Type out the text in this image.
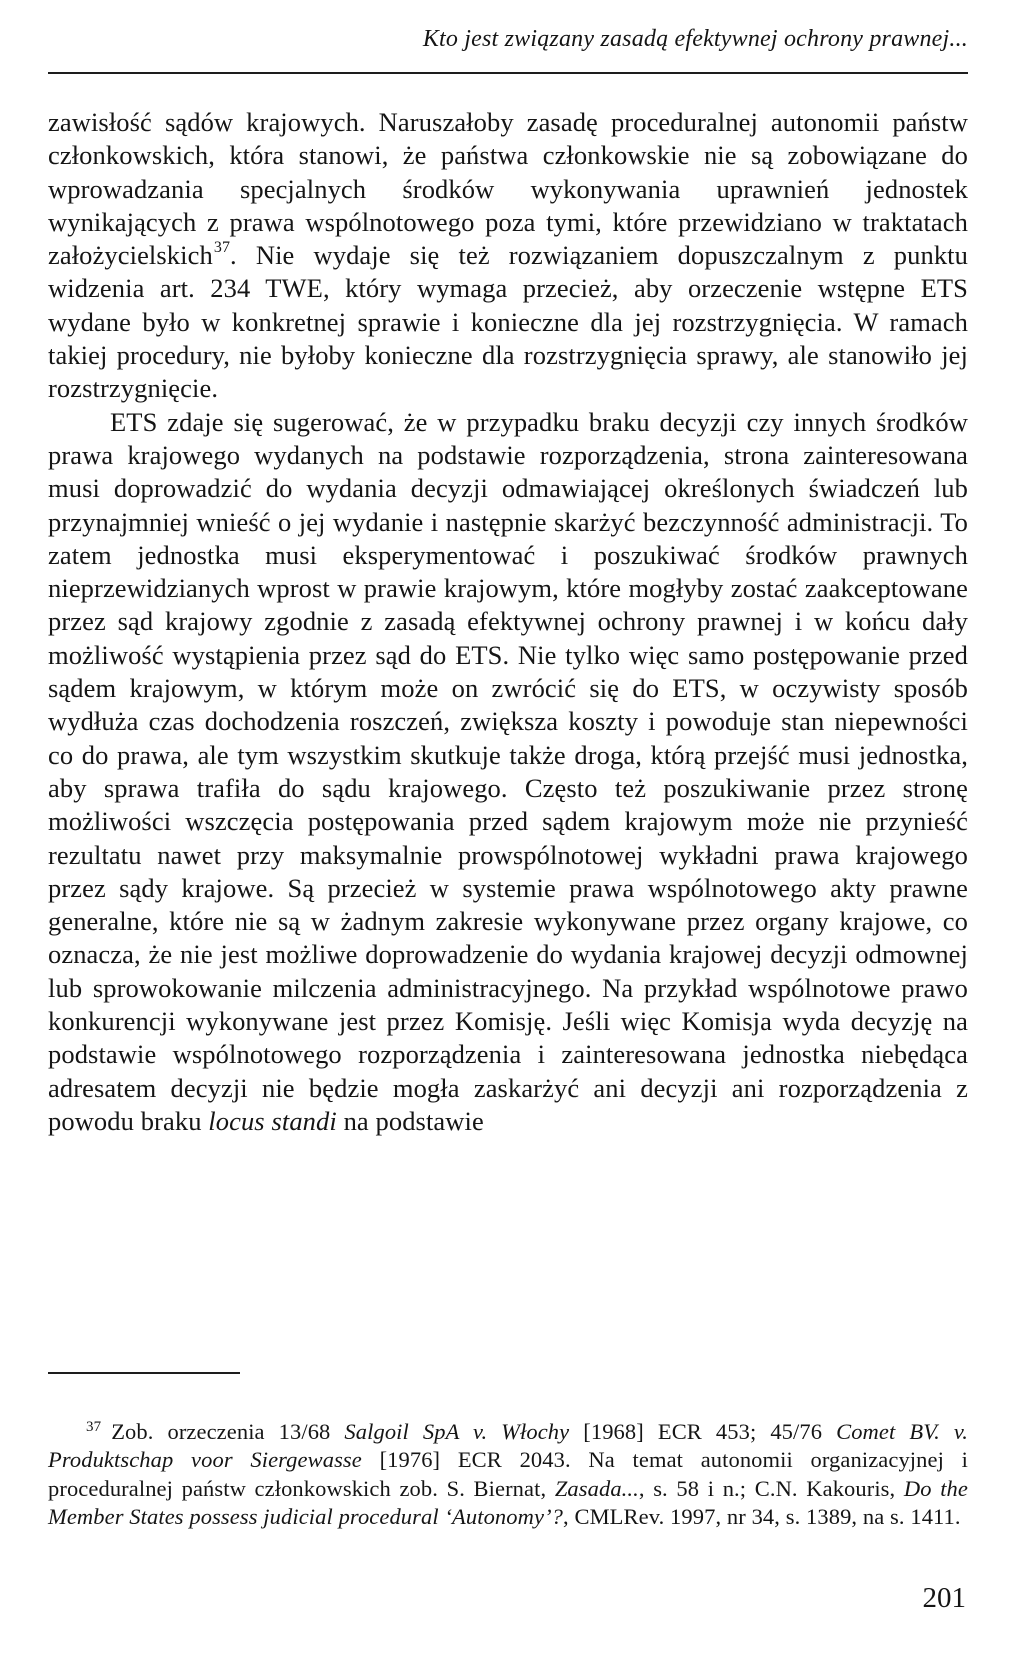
Kto jest związany zasadą efektywnej ochrony prawnej...

zawisłość sądów krajowych. Naruszałoby zasadę proceduralnej autonomii państw członkowskich, która stanowi, że państwa członkowskie nie są zobowiązane do wprowadzania specjalnych środków wykonywania uprawnień jednostek wynikających z prawa wspólnotowego poza tymi, które przewidziano w traktatach założycielskich$^{37}$. Nie wydaje się też rozwiązaniem dopuszczalnym z punktu widzenia art. 234 TWE, który wymaga przecież, aby orzeczenie wstępne ETS wydane było w konkretnej sprawie i konieczne dla jej rozstrzygnięcia. W ramach takiej procedury, nie byłoby konieczne dla rozstrzygnięcia sprawy, ale stanowiło jej rozstrzygnięcie.

ETS zdaje się sugerować, że w przypadku braku decyzji czy innych środków prawa krajowego wydanych na podstawie rozporządzenia, strona zainteresowana musi doprowadzić do wydania decyzji odmawiającej określonych świadczeń lub przynajmniej wnieść o jej wydanie i następnie skarżyć bezczynność administracji. To zatem jednostka musi eksperymentować i poszukiwać środków prawnych nieprzewidzianych wprost w prawie krajowym, które mogłyby zostać zaakceptowane przez sąd krajowy zgodnie z zasadą efektywnej ochrony prawnej i w końcu dały możliwość wystąpienia przez sąd do ETS. Nie tylko więc samo postępowanie przed sądem krajowym, w którym może on zwrócić się do ETS, w oczywisty sposób wydłuża czas dochodzenia roszczeń, zwiększa koszty i powoduje stan niepewności co do prawa, ale tym wszystkim skutkuje także droga, którą przejść musi jednostka, aby sprawa trafiła do sądu krajowego. Często też poszukiwanie przez stronę możliwości wszczęcia postępowania przed sądem krajowym może nie przynieść rezultatu nawet przy maksymalnie prowspólnotowej wykładni prawa krajowego przez sądy krajowe. Są przecież w systemie prawa wspólnotowego akty prawne generalne, które nie są w żadnym zakresie wykonywane przez organy krajowe, co oznacza, że nie jest możliwe doprowadzenie do wydania krajowej decyzji odmownej lub sprowokowanie milczenia administracyjnego. Na przykład wspólnotowe prawo konkurencji wykonywane jest przez Komisję. Jeśli więc Komisja wyda decyzję na podstawie wspólnotowego rozporządzenia i zainteresowana jednostka niebędąca adresatem decyzji nie będzie mogła zaskarżyć ani decyzji ani rozporządzenia z powodu braku locus standi na podstawie

$^{37}$ Zob. orzeczenia 13/68 Salgoil SpA v. Włochy [1968] ECR 453; 45/76 Comet BV. v. Produktschap voor Siergewasse [1976] ECR 2043. Na temat autonomii organizacyjnej i proceduralnej państw członkowskich zob. S. Biernat, Zasada..., s. 58 i n.; C.N. Kakouris, Do the Member States possess judicial procedural ‘Autonomy’?, CMLRev. 1997, nr 34, s. 1389, na s. 1411.
201
